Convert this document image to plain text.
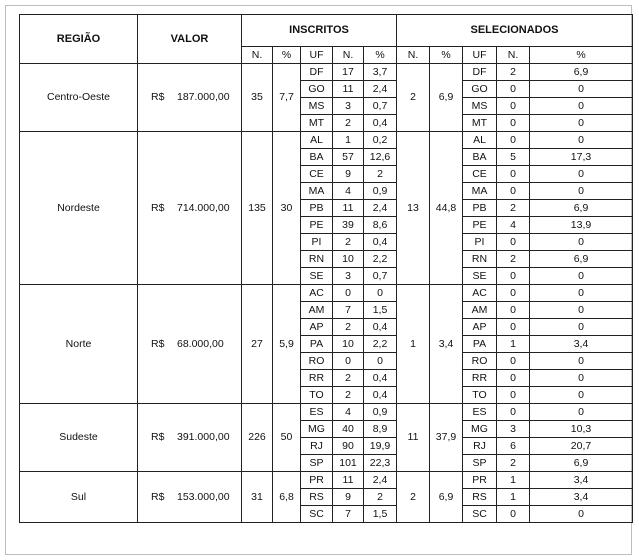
REGIÃO	VALOR	INSCRITOS					SELECIONADOS				
		N.	%	UF	N.	%	N.	%	UF	N.	%
Centro-Oeste	R$ 187.000,00	35	7,7	DF	17	3,7	2	6,9	DF	2	6,9
				GO	11	2,4			GO	0	0
				MS	3	0,7			MS	0	0
				MT	2	0,4			MT	0	0
Nordeste	R$ 714.000,00	135	30	AL	1	0,2	13	44,8	AL	0	0
				BA	57	12,6			BA	5	17,3
				CE	9	2			CE	0	0
				MA	4	0,9			MA	0	0
				PB	11	2,4			PB	2	6,9
				PE	39	8,6			PE	4	13,9
				PI	2	0,4			PI	0	0
				RN	10	2,2			RN	2	6,9
				SE	3	0,7			SE	0	0
Norte	R$ 68.000,00	27	5,9	AC	0	0	1	3,4	AC	0	0
				AM	7	1,5			AM	0	0
				AP	2	0,4			AP	0	0
				PA	10	2,2			PA	1	3,4
				RO	0	0			RO	0	0
				RR	2	0,4			RR	0	0
				TO	2	0,4			TO	0	0
Sudeste	R$ 391.000,00	226	50	ES	4	0,9	11	37,9	ES	0	0
				MG	40	8,9			MG	3	10,3
				RJ	90	19,9			RJ	6	20,7
				SP	101	22,3			SP	2	6,9
Sul	R$ 153.000,00	31	6,8	PR	11	2,4	2	6,9	PR	1	3,4
				RS	9	2			RS	1	3,4
				SC	7	1,5			SC	0	0
